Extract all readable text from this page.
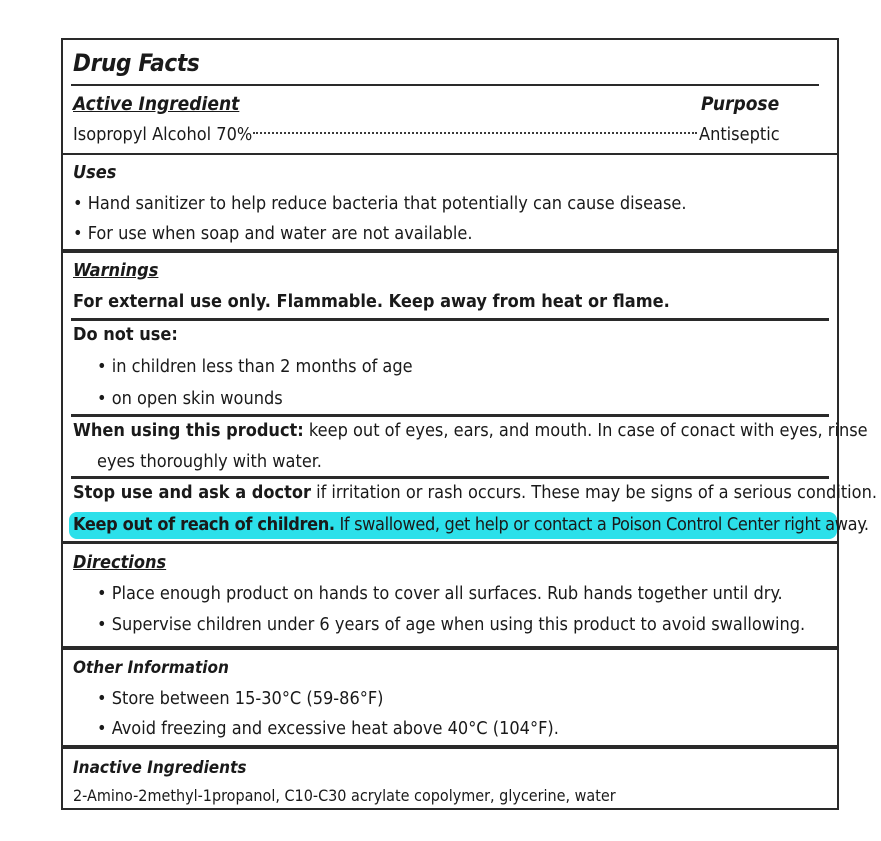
Drug Facts
Active Ingredient	Purpose
Isopropyl Alcohol 70%	Antiseptic
Uses
• Hand sanitizer to help reduce bacteria that potentially can cause disease.
• For use when soap and water are not available.
Warnings
For external use only. Flammable. Keep away from heat or flame.
Do not use:
• in children less than 2 months of age
• on open skin wounds
When using this product: keep out of eyes, ears, and mouth. In case of conact with eyes, rinse
eyes thoroughly with water.
Stop use and ask a doctor if irritation or rash occurs. These may be signs of a serious condition.
Keep out of reach of children. If swallowed, get help or contact a Poison Control Center right away.
Directions
• Place enough product on hands to cover all surfaces. Rub hands together until dry.
• Supervise children under 6 years of age when using this product to avoid swallowing.
Other Information
• Store between 15-30°C (59-86°F)
• Avoid freezing and excessive heat above 40°C (104°F).
Inactive Ingredients
2-Amino-2methyl-1propanol, C10-C30 acrylate copolymer, glycerine, water
